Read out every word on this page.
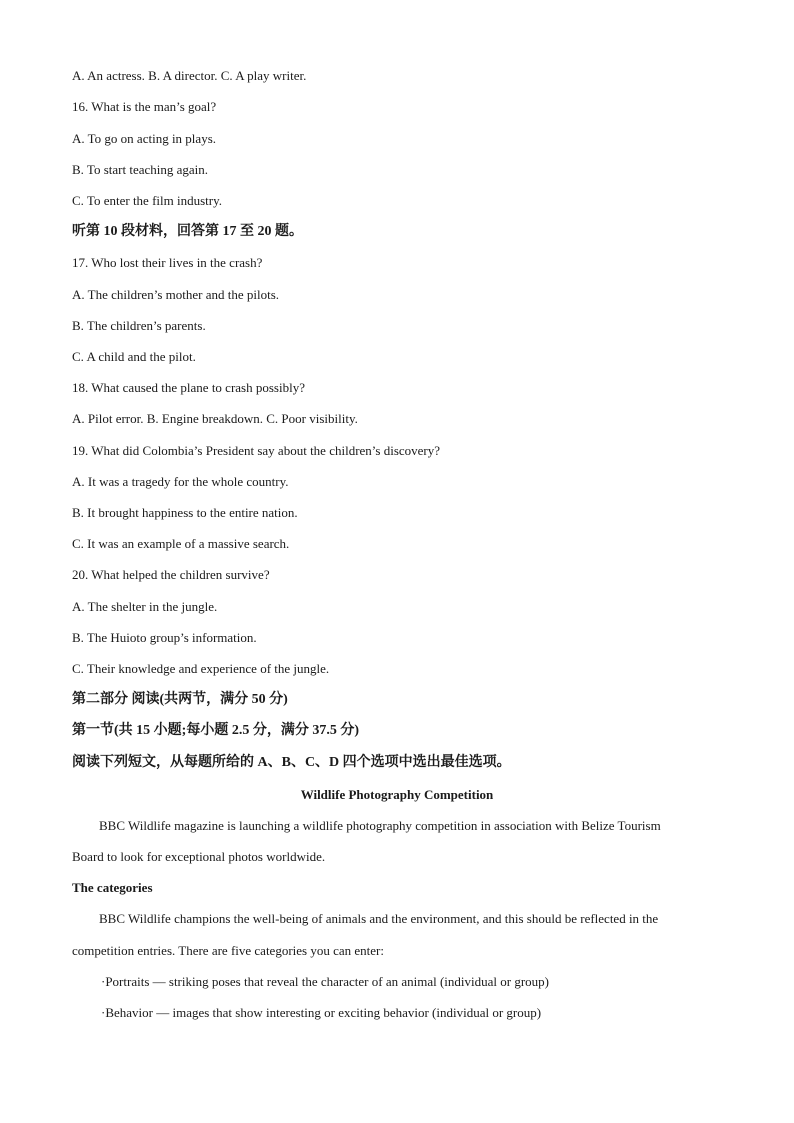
A. An actress. B. A director. C. A play writer.
16. What is the man’s goal?
A. To go on acting in plays.
B. To start teaching again.
C. To enter the film industry.
听第 10 段材料，回答第 17 至 20 题。
17. Who lost their lives in the crash?
A. The children’s mother and the pilots.
B. The children’s parents.
C. A child and the pilot.
18. What caused the plane to crash possibly?
A. Pilot error. B. Engine breakdown. C. Poor visibility.
19. What did Colombia’s President say about the children’s discovery?
A. It was a tragedy for the whole country.
B. It brought happiness to the entire nation.
C. It was an example of a massive search.
20. What helped the children survive?
A. The shelter in the jungle.
B. The Huioto group’s information.
C. Their knowledge and experience of the jungle.
第二部分 阅读(共两节，满分 50 分)
第一节(共 15 小题;每小题 2.5 分，满分 37.5 分)
阅读下列短文，从每题所给的 A、B、C、D 四个选项中选出最佳选项。
Wildlife Photography Competition
BBC Wildlife magazine is launching a wildlife photography competition in association with Belize Tourism
Board to look for exceptional photos worldwide.
The categories
BBC Wildlife champions the well-being of animals and the environment, and this should be reflected in the
competition entries. There are five categories you can enter:
·Portraits — striking poses that reveal the character of an animal (individual or group)
·Behavior — images that show interesting or exciting behavior (individual or group)
